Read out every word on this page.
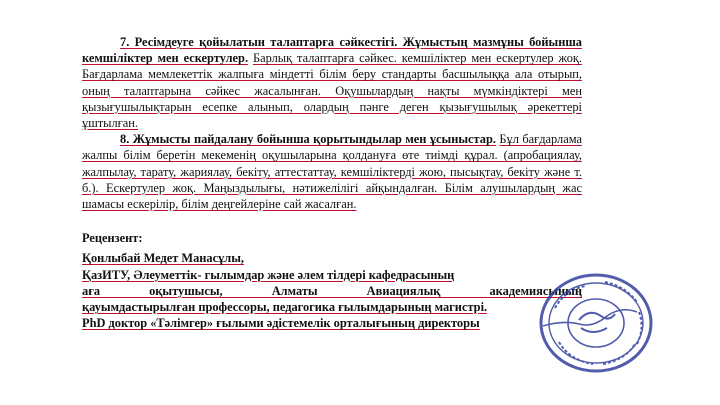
7. Ресімдеуге қойылатын талаптарға сәйкестігі. Жұмыстың мазмұны бойынша кемшіліктер мен ескертулер. Барлық талаптарға сәйкес. кемшіліктер мен ескертулер жоқ. Бағдарлама мемлекеттік жалпыға міндетті білім беру стандарты басшылыққа ала отырып, оның талаптарына сәйкес жасалынған. Оқушылардың нақты мүмкіндіктері мен қызығушылықтарын есепке алынып, олардың пәнге деген қызығушылық әрекеттері ұштылған.

8. Жұмысты пайдалану бойынша қорытындылар мен ұсыныстар. Бұл бағдарлама жалпы білім беретін мекеменің оқушыларына қолдануға өте тиімді құрал. (апробациялау, жалпылау, тарату, жариялау, бекіту, аттестаттау, кемшіліктерді жою, пысықтау, бекіту және т. б.). Ескертулер жоқ. Маңыздылығы, нәтижелілігі айқындалған. Білім алушылардың жас шамасы ескерілір, білім деңгейлеріне сай жасалған.

Рецензент:
Қонлыбай Медет Манасұлы,
ҚазИТУ, Әлеуметтік- гылымдар және әлем тілдері кафедрасының
аға оқытушысы, Алматы Авиациялық академиясының
қауымдастырылған профессоры, педагогика ғылымдарының магистрі.
PhD доктор «Тәлімгер» ғылыми әдістемелік орталығының директоры
